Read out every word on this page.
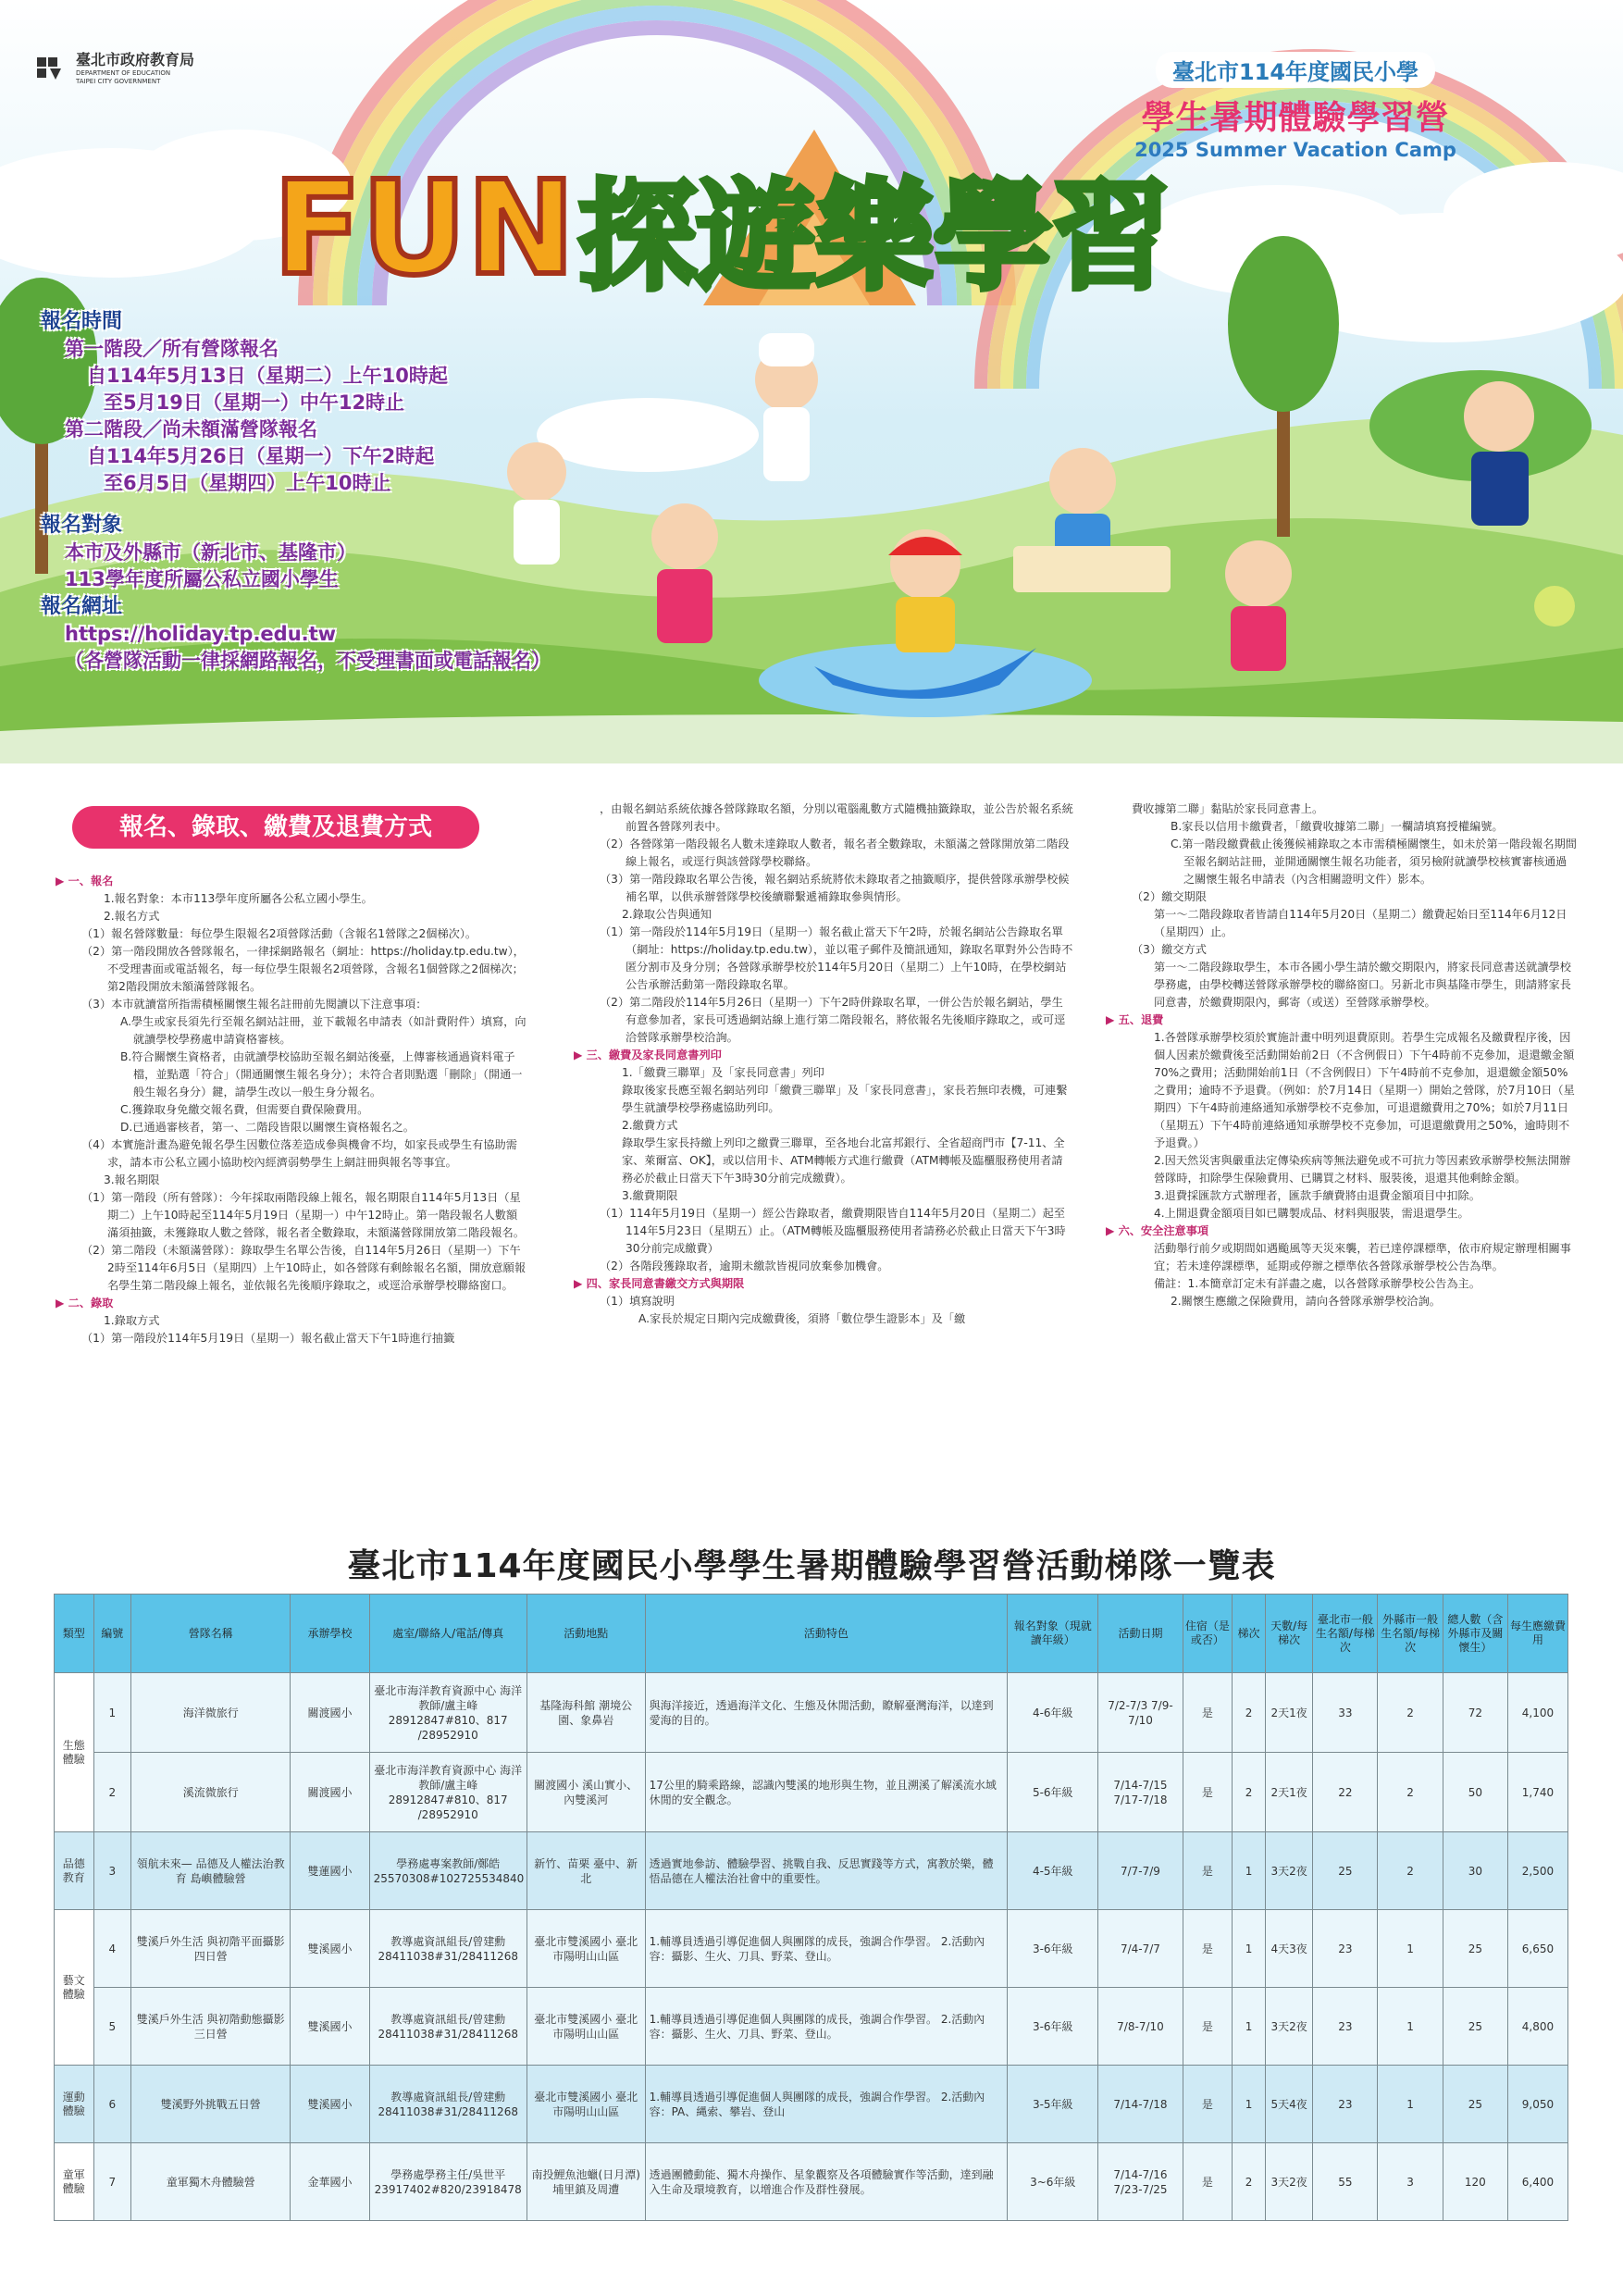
臺北市政府教育局
DEPARTMENT OF EDUCATION
TAIPEI CITY GOVERNMENT	臺北市114年度國民小學
學生暑期體驗學習營
2025 Summer Vacation Camp
FUN 探遊樂學習
報名時間
第一階段／所有營隊報名
自114年5月13日（星期二）上午10時起
至5月19日（星期一）中午12時止
第二階段／尚未額滿營隊報名
自114年5月26日（星期一）下午2時起
至6月5日（星期四）上午10時止
報名對象
本市及外縣市（新北市、基隆市）
113學年度所屬公私立國小學生
報名網址
https://holiday.tp.edu.tw
（各營隊活動一律採網路報名，不受理書面或電話報名）
報名、錄取、繳費及退費方式

▶ 一、報名

1.報名對象：本市113學年度所屬各公私立國小學生。

2.報名方式

（1）報名營隊數量：每位學生限報名2項營隊活動（含報名1營隊之2個梯次）。

（2）第一階段開放各營隊報名，一律採網路報名（網址：https://holiday.tp.edu.tw），不受理書面或電話報名，每一每位學生限報名2項營隊，含報名1個營隊之2個梯次；第2階段開放未額滿營隊報名。

（3）本市就讀當所指需積極關懷生報名註冊前先閱讀以下注意事項：

A.學生或家長須先行至報名網站註冊，並下載報名申請表（如計費附件）填寫，向就讀學校學務處申請資格審核。

B.符合關懷生資格者，由就讀學校協助至報名網站後臺，上傳審核通過資料電子檔，並點選「符合」（開通關懷生報名身分）；未符合者則點選「刪除」（開通一般生報名身分）鍵，請學生改以一般生身分報名。

C.獲錄取身免繳交報名費，但需要自費保險費用。

D.已通過審核者，第一、二階段皆限以關懷生資格報名之。

（4）本實施計畫為避免報名學生因數位落差造成參與機會不均，如家長或學生有協助需求，請本市公私立國小協助校內經濟弱勢學生上網註冊與報名等事宜。

3.報名期限

（1）第一階段（所有營隊）：今年採取兩階段線上報名，報名期限自114年5月13日（星期二）上午10時起至114年5月19日（星期一）中午12時止。第一階段報名人數額滿須抽籤，未獲錄取人數之營隊，報名者全數錄取，未額滿營隊開放第二階段報名。

（2）第二階段（未額滿營隊）：錄取學生名單公告後，自114年5月26日（星期一）下午2時至114年6月5日（星期四）上午10時止，如各營隊有剩餘報名名額，開放意願報名學生第二階段線上報名，並依報名先後順序錄取之，或逕洽承辦學校聯絡窗口。

▶ 二、錄取

1.錄取方式

（1）第一階段於114年5月19日（星期一）報名截止當天下午1時進行抽籤

，由報名網站系統依據各營隊錄取名額，分別以電腦亂數方式隨機抽籤錄取，並公告於報名系統前置各營隊列表中。

（2）各營隊第一階段報名人數未達錄取人數者，報名者全數錄取，未額滿之營隊開放第二階段線上報名，或逕行與該營隊學校聯絡。

（3）第一階段錄取名單公告後，報名網站系統將依未錄取者之抽籤順序，提供營隊承辦學校候補名單，以供承辦營隊學校後續聯繫遞補錄取參與情形。

2.錄取公告與通知

（1）第一階段於114年5月19日（星期一）報名截止當天下午2時，於報名網站公告錄取名單（網址：https://holiday.tp.edu.tw），並以電子郵件及簡訊通知，錄取名單對外公告時不匿分割市及身分別；各營隊承辦學校於114年5月20日（星期二）上午10時，在學校網站公告承辦活動第一階段錄取名單。

（2）第二階段於114年5月26日（星期一）下午2時併錄取名單，一併公告於報名網站，學生有意參加者，家長可透過網站線上進行第二階段報名，將依報名先後順序錄取之，或可逕洽營隊承辦學校洽詢。

▶ 三、繳費及家長同意書列印

1.「繳費三聯單」及「家長同意書」列印

錄取後家長應至報名網站列印「繳費三聯單」及「家長同意書」，家長若無印表機，可連繫學生就讀學校學務處協助列印。

2.繳費方式

錄取學生家長持繳上列印之繳費三聯單，至各地台北富邦銀行、全省超商門市【7-11、全家、萊爾富、OK】，或以信用卡、ATM轉帳方式進行繳費（ATM轉帳及臨櫃服務使用者請務必於截止日當天下午3時30分前完成繳費）。

3.繳費期限

（1）114年5月19日（星期一）經公告錄取者，繳費期限皆自114年5月20日（星期二）起至114年5月23日（星期五）止。（ATM轉帳及臨櫃服務使用者請務必於截止日當天下午3時30分前完成繳費）

（2）各階段獲錄取者，逾期未繳款皆視同放棄參加機會。

▶ 四、家長同意書繳交方式與期限

（1）填寫說明

A.家長於規定日期內完成繳費後，須將「數位學生證影本」及「繳

費收據第二聯」黏貼於家長同意書上。

B.家長以信用卡繳費者，「繳費收據第二聯」一欄請填寫授權編號。

C.第一階段繳費截止後獲候補錄取之本市需積極關懷生，如未於第一階段報名期間至報名網站註冊，並開通關懷生報名功能者，須另檢附就讀學校核實審核通過之關懷生報名申請表（內含相關證明文件）影本。

（2）繳交期限

第一～二階段錄取者皆請自114年5月20日（星期二）繳費起始日至114年6月12日（星期四）止。

（3）繳交方式

第一～二階段錄取學生，本市各國小學生請於繳交期限內，將家長同意書送就讀學校學務處，由學校轉送營隊承辦學校的聯絡窗口。另新北市與基隆市學生，則請將家長同意書，於繳費期限內，郵寄（或送）至營隊承辦學校。

▶ 五、退費

1.各營隊承辦學校須於實施計畫中明列退費原則。若學生完成報名及繳費程序後，因個人因素於繳費後至活動開始前2日（不含例假日）下午4時前不克參加，退還繳金額70%之費用；活動開始前1日（不含例假日）下午4時前不克參加，退還繳金額50%之費用；逾時不予退費。（例如：於7月14日（星期一）開始之營隊，於7月10日（星期四）下午4時前連絡通知承辦學校不克參加，可退還繳費用之70%；如於7月11日（星期五）下午4時前連絡通知承辦學校不克參加，可退還繳費用之50%，逾時則不予退費。）

2.因天然災害與嚴重法定傳染疾病等無法避免或不可抗力等因素致承辦學校無法開辦營隊時，扣除學生保險費用、已購買之材料、服裝後，退還其他剩餘金額。

3.退費採匯款方式辦理者，匯款手續費將由退費金額項目中扣除。

4.上開退費金額項目如已購製成品、材料與服裝，需退還學生。

▶ 六、安全注意事項

活動舉行前夕或期間如遇颱風等天災來襲，若已達停課標準，依市府規定辦理相關事宜；若未達停課標準，延期或停辦之標準依各營隊承辦學校公告為準。

備註：1.本簡章訂定未有詳盡之處，以各營隊承辦學校公告為主。

2.關懷生應繳之保險費用，請向各營隊承辦學校洽詢。

臺北市114年度國民小學學生暑期體驗學習營活動梯隊一覽表
類型	編號	營隊名稱	承辦學校	處室/聯絡人/電話/傳真	活動地點	活動特色	報名對象（現就讀年級）	活動日期	住宿（是或否）	梯次	天數/每梯次	臺北市一般生名額/每梯次	外縣市一般生名額/每梯次	總人數（含外縣市及關懷生）	每生應繳費用
生態體驗	1	海洋微旅行	關渡國小	臺北市海洋教育資源中心 海洋教師/盧主峰 28912847#810、817 /28952910	基隆海科館 潮境公園、象鼻岩	與海洋接近，透過海洋文化、生態及休閒活動，瞭解臺灣海洋，以達到愛海的目的。	4-6年級	7/2-7/3 7/9-7/10	是	2	2天1夜	33	2	72	4,100
	2	溪流微旅行	關渡國小	臺北市海洋教育資源中心 海洋教師/盧主峰 28912847#810、817 /28952910	關渡國小 溪山實小、內雙溪河	17公里的騎乘路線，認識內雙溪的地形與生物，並且溯溪了解溪流水域休閒的安全觀念。	5-6年級	7/14-7/15 7/17-7/18	是	2	2天1夜	22	2	50	1,740
品德教育	3	領航未來— 品德及人權法治教育 島嶼體驗營	雙蓮國小	學務處專案教師/鄭皓 25570308#102725534840	新竹、苗栗 臺中、新北	透過實地參訪、體驗學習、挑戰自我、反思實踐等方式，寓教於樂，體悟品德在人權法治社會中的重要性。	4-5年級	7/7-7/9	是	1	3天2夜	25	2	30	2,500
藝文體驗	4	雙溪戶外生活 與初階平面攝影四日營	雙溪國小	教導處資訊組長/曾建勳 28411038#31/28411268	臺北市雙溪國小 臺北市陽明山山區	1.輔導員透過引導促進個人與團隊的成長，強調合作學習。 2.活動內容：攝影、生火、刀具、野菜、登山。	3-6年級	7/4-7/7	是	1	4天3夜	23	1	25	6,650
	5	雙溪戶外生活 與初階動態攝影三日營	雙溪國小	教導處資訊組長/曾建勳 28411038#31/28411268	臺北市雙溪國小 臺北市陽明山山區	1.輔導員透過引導促進個人與團隊的成長，強調合作學習。 2.活動內容：攝影、生火、刀具、野菜、登山。	3-6年級	7/8-7/10	是	1	3天2夜	23	1	25	4,800
運動體驗	6	雙溪野外挑戰五日營	雙溪國小	教導處資訊組長/曾建勳 28411038#31/28411268	臺北市雙溪國小 臺北市陽明山山區	1.輔導員透過引導促進個人與團隊的成長，強調合作學習。 2.活動內容：PA、縄索、攀岩、登山	3-5年級	7/14-7/18	是	1	5天4夜	23	1	25	9,050
童軍體驗	7	童軍獨木舟體驗營	金華國小	學務處學務主任/吳世平 23917402#820/23918478	南投鯉魚池蠟(日月潭) 埔里鎮及周遭	透過團體動能、獨木舟操作、星象觀察及各項體驗實作等活動，達到融入生命及環境教育，以增進合作及群性發展。	3~6年級	7/14-7/16 7/23-7/25	是	2	3天2夜	55	3	120	6,400
